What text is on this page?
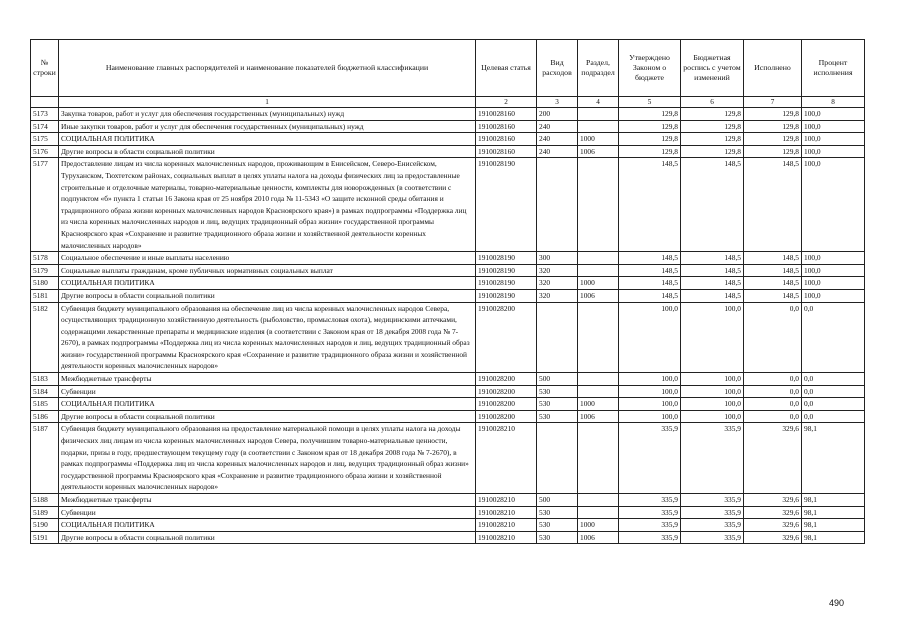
№ строки	Наименование главных распорядителей и наименование показателей бюджетной классификации	Целевая статья	Вид расходов	Раздел, подраздел	Утверждено Законом о бюджете	Бюджетная роспись с учетом изменений	Исполнено	Процент исполнения
	1	2	3	4	5	6	7	8
5173	Закупка товаров, работ и услуг для обеспечения государственных (муниципальных) нужд	1910028160	200		129,8	129,8	129,8	100,0
5174	Иные закупки товаров, работ и услуг для обеспечения государственных (муниципальных) нужд	1910028160	240		129,8	129,8	129,8	100,0
5175	СОЦИАЛЬНАЯ ПОЛИТИКА	1910028160	240	1000	129,8	129,8	129,8	100,0
5176	Другие вопросы в области социальной политики	1910028160	240	1006	129,8	129,8	129,8	100,0
5177	Предоставление лицам из числа коренных малочисленных народов, проживающим в Енисейском, Северо-Енисейском, Туруханском, Тюхтетском районах, социальных выплат в целях уплаты налога на доходы физических лиц за предоставленные строительные и отделочные материалы, товарно-материальные ценности, комплекты для новорожденных (в соответствии с подпунктом «б» пункта 1 статьи 16 Закона края от 25 ноября 2010 года № 11-5343 «О защите исконной среды обитания и традиционного образа жизни коренных малочисленных народов Красноярского края») в рамках подпрограммы «Поддержка лиц из числа коренных малочисленных народов и лиц, ведущих традиционный образ жизни» государственной программы Красноярского края «Сохранение и развитие традиционного образа жизни и хозяйственной деятельности коренных малочисленных народов»	1910028190			148,5	148,5	148,5	100,0
5178	Социальное обеспечение и иные выплаты населению	1910028190	300		148,5	148,5	148,5	100,0
5179	Социальные выплаты гражданам, кроме публичных нормативных социальных выплат	1910028190	320		148,5	148,5	148,5	100,0
5180	СОЦИАЛЬНАЯ ПОЛИТИКА	1910028190	320	1000	148,5	148,5	148,5	100,0
5181	Другие вопросы в области социальной политики	1910028190	320	1006	148,5	148,5	148,5	100,0
5182	Субвенция бюджету муниципального образования на обеспечение лиц из числа коренных малочисленных народов Севера, осуществляющих традиционную хозяйственную деятельность (рыболовство, промысловая охота), медицинскими аптечками, содержащими лекарственные препараты и медицинские изделия (в соответствии с Законом края от 18 декабря 2008 года № 7-2670), в рамках подпрограммы «Поддержка лиц из числа коренных малочисленных народов и лиц, ведущих традиционный образ жизни» государственной программы Красноярского края «Сохранение и развитие традиционного образа жизни и хозяйственной деятельности коренных малочисленных народов»	1910028200			100,0	100,0	0,0	0,0
5183	Межбюджетные трансферты	1910028200	500		100,0	100,0	0,0	0,0
5184	Субвенции	1910028200	530		100,0	100,0	0,0	0,0
5185	СОЦИАЛЬНАЯ ПОЛИТИКА	1910028200	530	1000	100,0	100,0	0,0	0,0
5186	Другие вопросы в области социальной политики	1910028200	530	1006	100,0	100,0	0,0	0,0
5187	Субвенция бюджету муниципального образования на предоставление материальной помощи в целях уплаты налога на доходы физических лиц лицам из числа коренных малочисленных народов Севера, получившим товарно-материальные ценности, подарки, призы в году, предшествующем текущему году (в соответствии с Законом края от 18 декабря 2008 года № 7-2670), в рамках подпрограммы «Поддержка лиц из числа коренных малочисленных народов и лиц, ведущих традиционный образ жизни» государственной программы Красноярского края «Сохранение и развитие традиционного образа жизни и хозяйственной деятельности коренных малочисленных народов»	1910028210			335,9	335,9	329,6	98,1
5188	Межбюджетные трансферты	1910028210	500		335,9	335,9	329,6	98,1
5189	Субвенции	1910028210	530		335,9	335,9	329,6	98,1
5190	СОЦИАЛЬНАЯ ПОЛИТИКА	1910028210	530	1000	335,9	335,9	329,6	98,1
5191	Другие вопросы в области социальной политики	1910028210	530	1006	335,9	335,9	329,6	98,1
490
